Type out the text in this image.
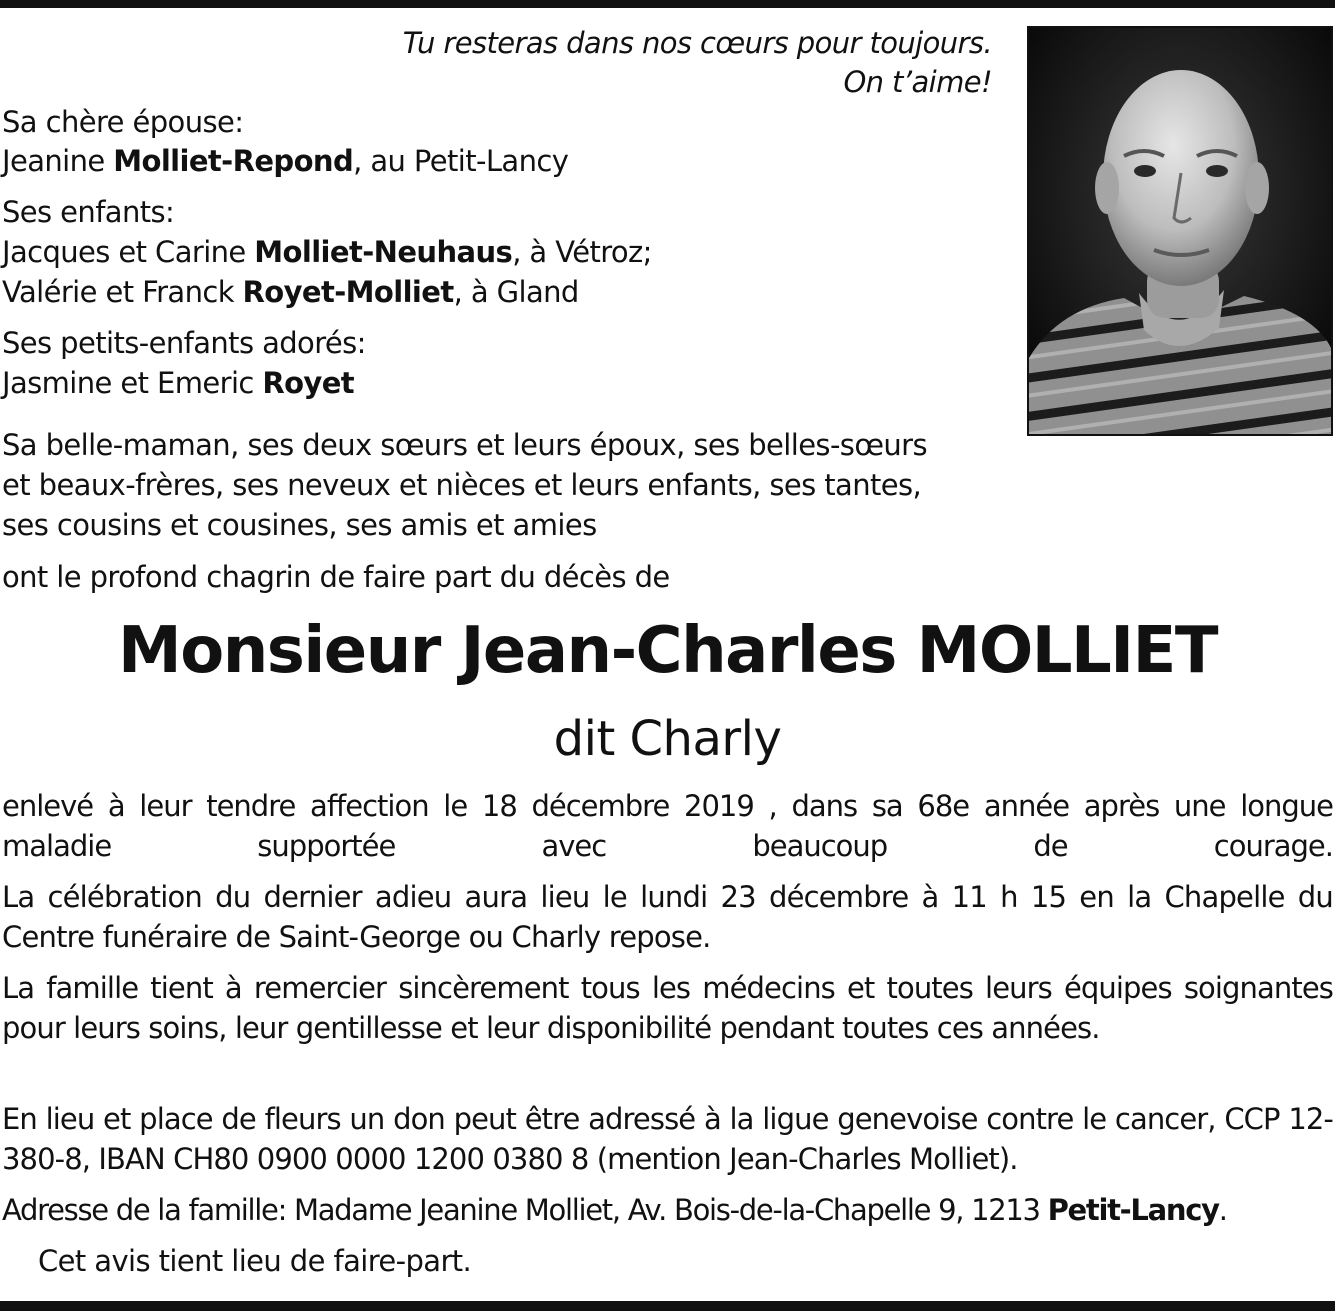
Tu resteras dans nos cœurs pour toujours.
On t’aime!
Sa chère épouse:
Jeanine Molliet-Repond, au Petit-Lancy
Ses enfants:
Jacques et Carine Molliet-Neuhaus, à Vétroz;
Valérie et Franck Royet-Molliet, à Gland
Ses petits-enfants adorés:
Jasmine et Emeric Royet
Sa belle-maman, ses deux sœurs et leurs époux, ses belles-sœurs
et beaux-frères, ses neveux et nièces et leurs enfants, ses tantes,
ses cousins et cousines, ses amis et amies
ont le profond chagrin de faire part du décès de
Monsieur Jean-Charles MOLLIET
dit Charly
enlevé à leur tendre affection le 18 décembre 2019 , dans sa 68e année après une longue maladie supportée avec beaucoup de courage.
La célébration du dernier adieu aura lieu le lundi 23 décembre à 11 h 15 en la Chapelle du Centre funéraire de Saint-George ou Charly repose.
La famille tient à remercier sincèrement tous les médecins et toutes leurs équipes soignantes pour leurs soins, leur gentillesse et leur disponibilité pendant toutes ces années.
En lieu et place de fleurs un don peut être adressé à la ligue genevoise contre le cancer, CCP 12-380-8, IBAN CH80 0900 0000 1200 0380 8 (mention Jean-Charles Molliet).
Adresse de la famille: Madame Jeanine Molliet, Av. Bois-de-la-Chapelle 9, 1213 Petit-Lancy.
Cet avis tient lieu de faire-part.
